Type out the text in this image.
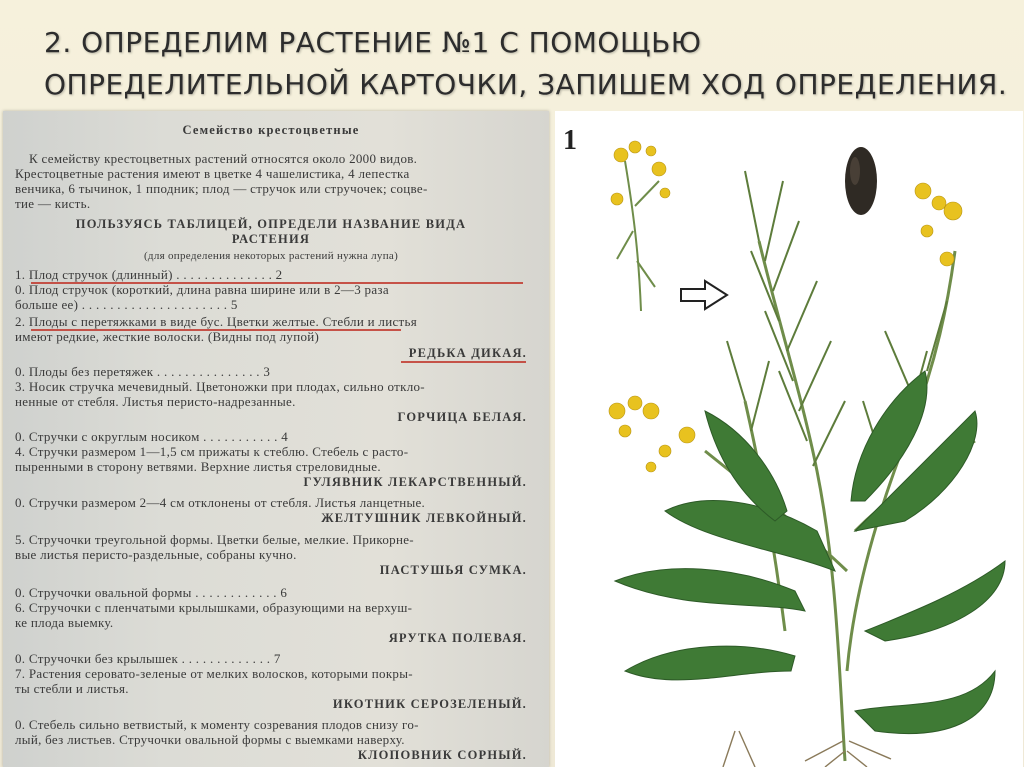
2. ОПРЕДЕЛИМ РАСТЕНИЕ №1 С ПОМОЩЬЮ
ОПРЕДЕЛИТЕЛЬНОЙ КАРТОЧКИ, ЗАПИШЕМ ХОД ОПРЕДЕЛЕНИЯ.
Семейство крестоцветные
К семейству крестоцветных растений относятся около 2000 видов.
Крестоцветные растения имеют в цветке 4 чашелистика, 4 лепестка
венчика, 6 тычинок, 1 пподник; плод — стручок или стручочек; соцве-
тие — кисть.
ПОЛЬЗУЯСЬ ТАБЛИЦЕЙ, ОПРЕДЕЛИ НАЗВАНИЕ ВИДА
РАСТЕНИЯ
(для определения некоторых растений нужна лупа)
1. Плод стручок (длинный) . . . . . . . . . . . . . . 2
0. Плод стручок (короткий, длина равна ширине или в 2—3 раза
больше ее) . . . . . . . . . . . . . . . . . . . . . 5
2. Плоды с перетяжками в виде бус. Цветки желтые. Стебли и листья
имеют редкие, жесткие волоски. (Видны под лупой)
РЕДЬКА ДИКАЯ.
0. Плоды без перетяжек . . . . . . . . . . . . . . . 3
3. Носик стручка мечевидный. Цветоножки при плодах, сильно откло-
ненные от стебля. Листья перисто-надрезанные.
ГОРЧИЦА БЕЛАЯ.
0. Стручки с округлым носиком . . . . . . . . . . . 4
4. Стручки размером 1—1,5 см прижаты к стеблю. Стебель с расто-
пыренными в сторону ветвями. Верхние листья стреловидные.
ГУЛЯВНИК ЛЕКАРСТВЕННЫЙ.
0. Стручки размером 2—4 см отклонены от стебля. Листья ланцетные.
ЖЕЛТУШНИК ЛЕВКОЙНЫЙ.
5. Стручочки треугольной формы. Цветки белые, мелкие. Прикорне-
вые листья перисто-раздельные, собраны кучно.
ПАСТУШЬЯ СУМКА.
0. Стручочки овальной формы . . . . . . . . . . . . 6
6. Стручочки с пленчатыми крылышками, образующими на верхуш-
ке плода выемку.
ЯРУТКА ПОЛЕВАЯ.
0. Стручочки без крылышек . . . . . . . . . . . . . 7
7. Растения серовато-зеленые от мелких волосков, которыми покры-
ты стебли и листья.
ИКОТНИК СЕРОЗЕЛЕНЫЙ.
0. Стебель сильно ветвистый, к моменту созревания плодов снизу го-
лый, без листьев. Стручочки овальной формы с выемками наверху.
КЛОПОВНИК СОРНЫЙ.
1
